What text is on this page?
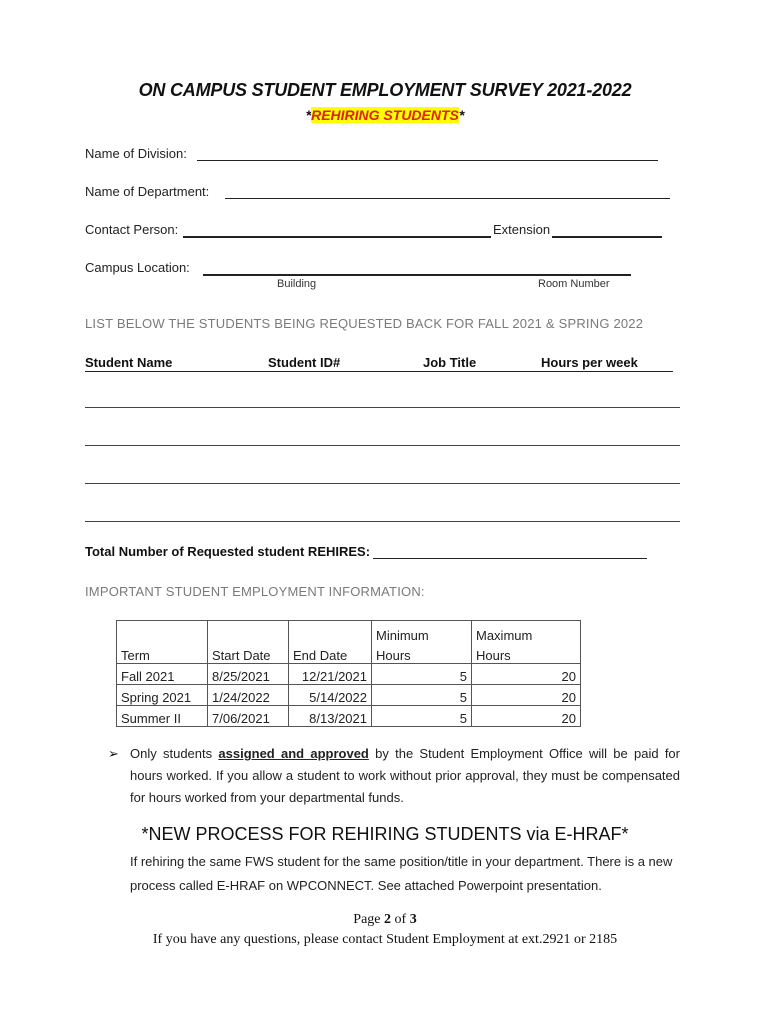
ON CAMPUS STUDENT EMPLOYMENT SURVEY 2021-2022
*REHIRING STUDENTS*
Name of Division:
Name of Department:
Contact Person:	Extension
Campus Location:
Building	Room Number
LIST BELOW THE STUDENTS BEING REQUESTED BACK FOR FALL 2021 & SPRING 2022
Student Name	Student ID#	Job Title	Hours per week
Total Number of Requested student REHIRES:
IMPORTANT STUDENT EMPLOYMENT INFORMATION:
			Minimum	Maximum
Term	Start Date	End Date	Hours	Hours
Fall 2021	8/25/2021	12/21/2021	5	20
Spring 2021	1/24/2022	5/14/2022	5	20
Summer II	7/06/2021	8/13/2021	5	20
➢ Only students assigned and approved by the Student Employment Office will be paid for hours worked. If you allow a student to work without prior approval, they must be compensated for hours worked from your departmental funds.
*NEW PROCESS FOR REHIRING STUDENTS via E-HRAF*
If rehiring the same FWS student for the same position/title in your department. There is a new process called E-HRAF on WPCONNECT. See attached Powerpoint presentation.
Page 2 of 3
If you have any questions, please contact Student Employment at ext.2921 or 2185
